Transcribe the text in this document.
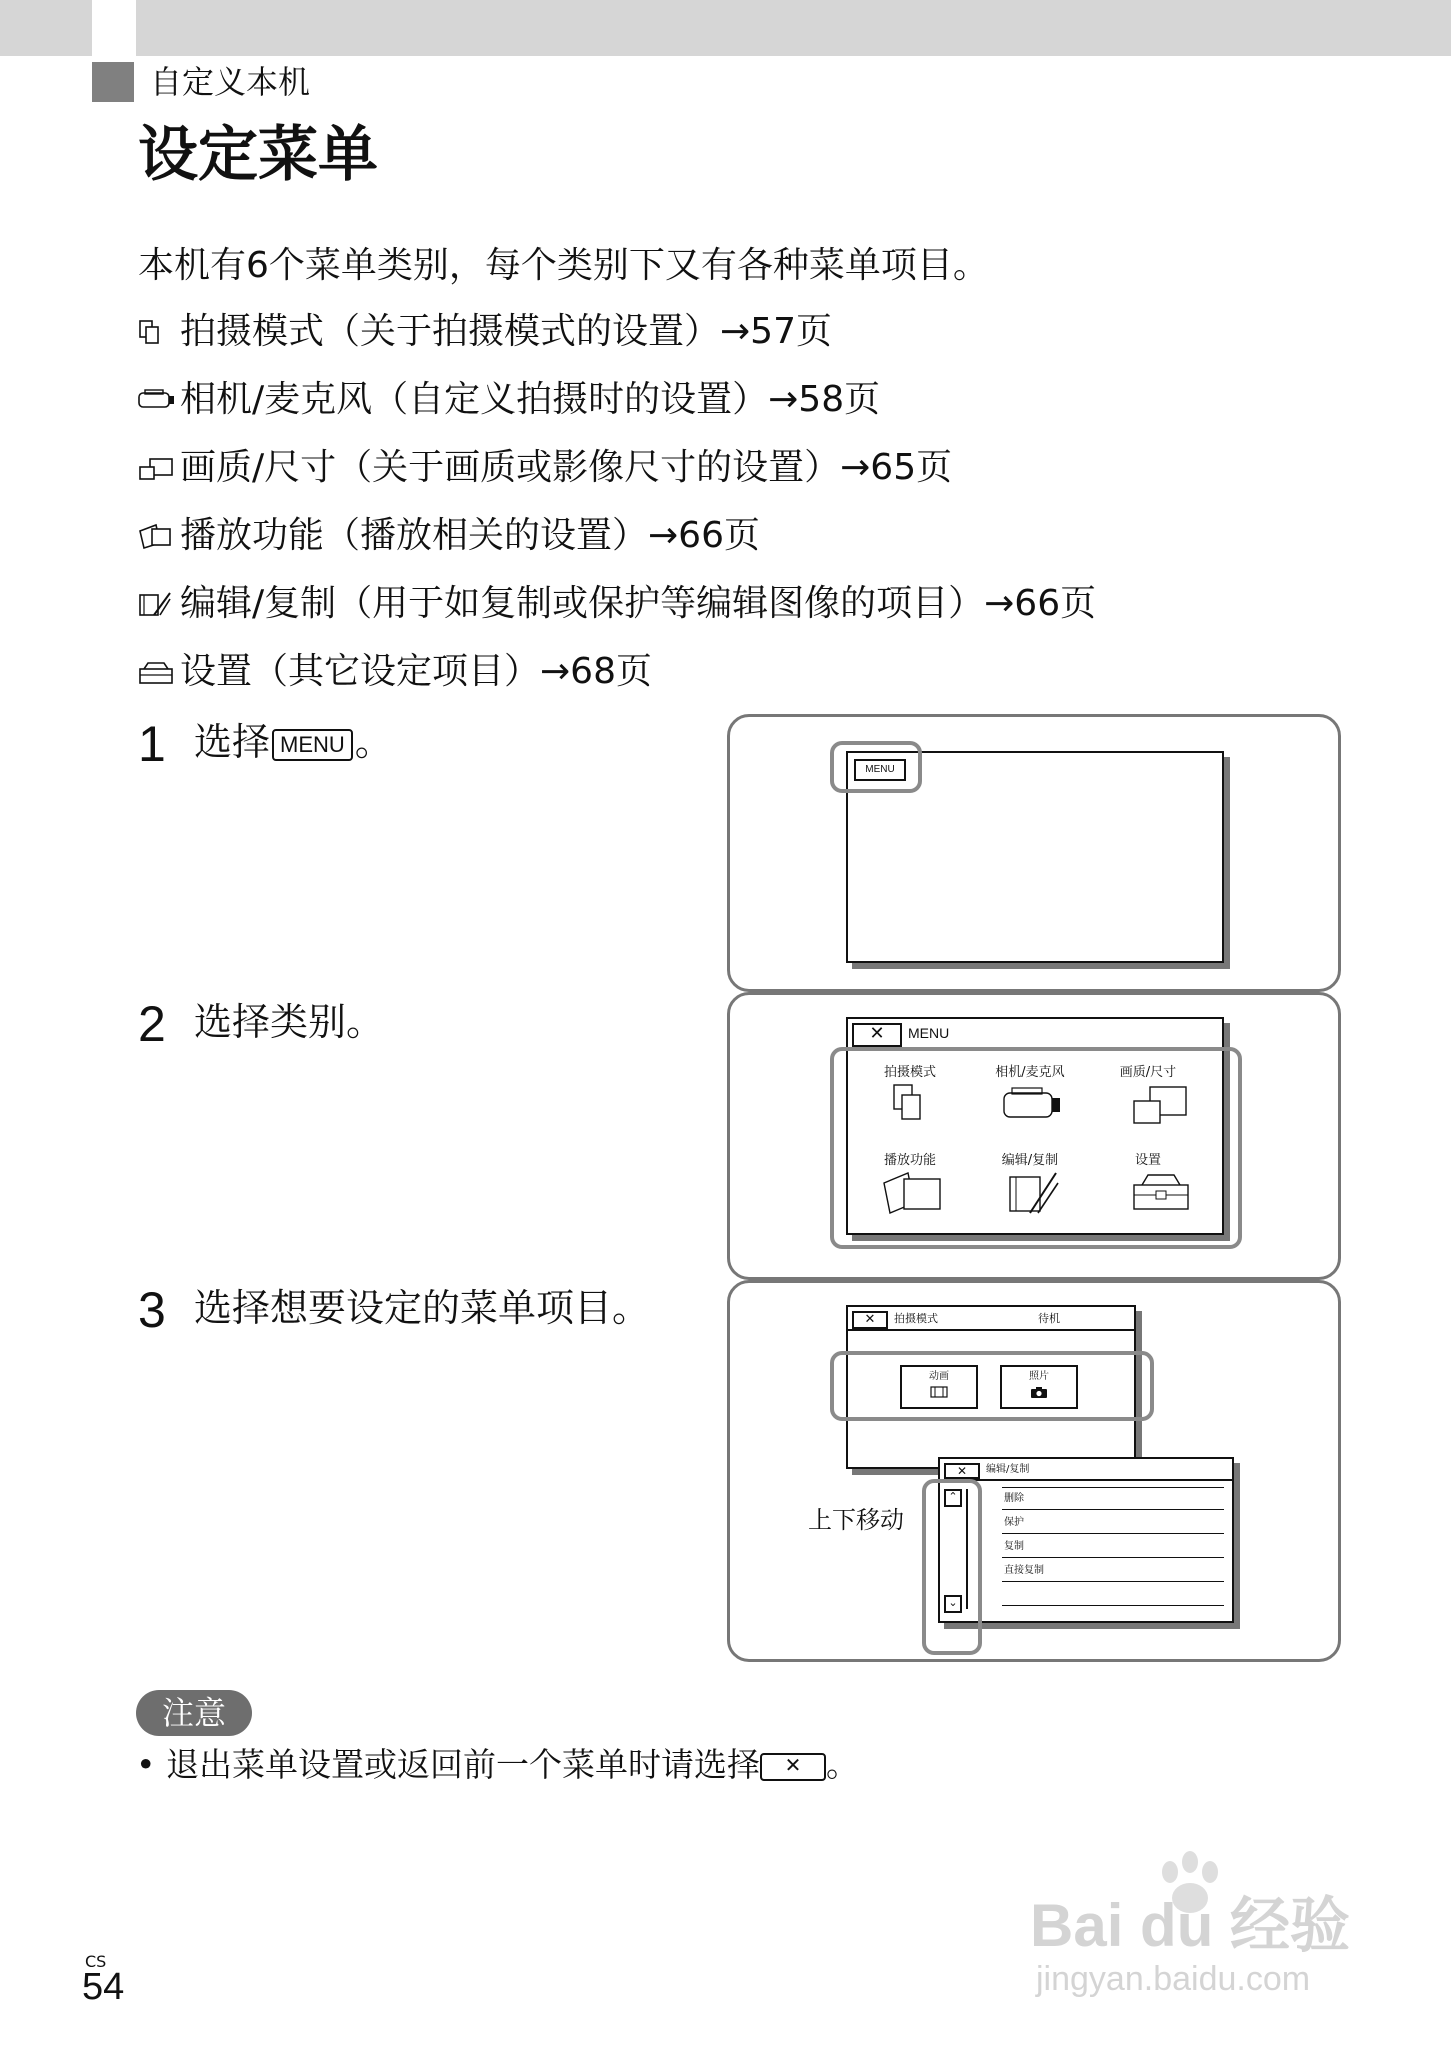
自定义本机
设定菜单
本机有6个菜单类别，每个类别下又有各种菜单项目。
拍摄模式（关于拍摄模式的设置）→57页
相机/麦克风（自定义拍摄时的设置）→58页
画质/尺寸（关于画质或影像尺寸的设置）→65页
播放功能（播放相关的设置）→66页
编辑/复制（用于如复制或保护等编辑图像的项目）→66页
设置（其它设定项目）→68页
1 选择 MENU 。
2 选择类别。
3 选择想要设定的菜单项目。
MENU
✕	MENU
拍摄模式	相机/麦克风	画质/尺寸
播放功能	编辑/复制	设置
✕	拍摄模式	待机
动画	照片
✕	编辑/复制
⌃
⌄
删除
保护
复制
直接复制
上下移动
注意
• 退出菜单设置或返回前一个菜单时请选择 ✕ 。
CS
54
Bai du 经验
jingyan.baidu.com
